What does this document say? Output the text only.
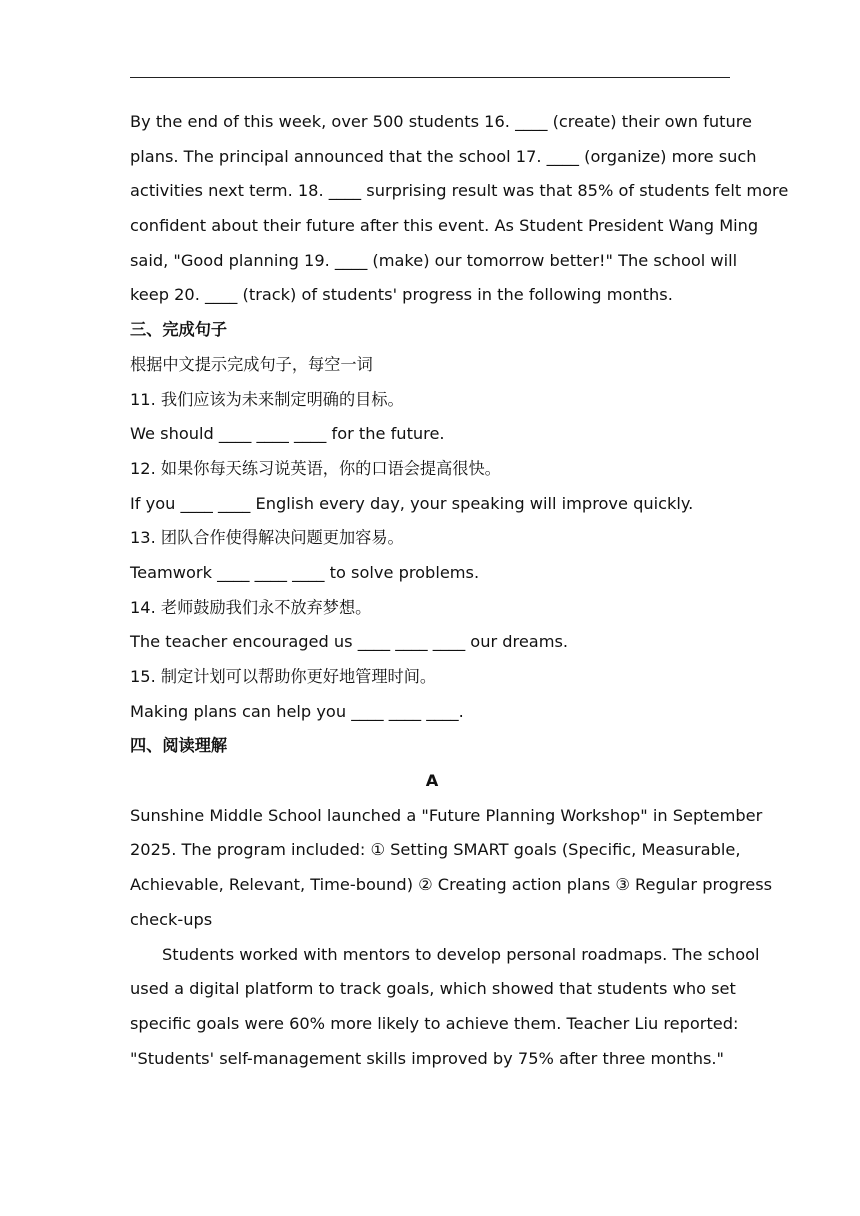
By the end of this week, over 500 students 16. ____ (create) their own future
plans. The principal announced that the school 17. ____ (organize) more such
activities next term. 18. ____ surprising result was that 85% of students felt more
confident about their future after this event. As Student President Wang Ming
said, "Good planning 19. ____ (make) our tomorrow better!" The school will
keep 20. ____ (track) of students' progress in the following months.
三、完成句子
根据中文提示完成句子，每空一词
11. 我们应该为未来制定明确的目标。
We should ____ ____ ____ for the future.
12. 如果你每天练习说英语，你的口语会提高很快。
If you ____ ____ English every day, your speaking will improve quickly.
13. 团队合作使得解决问题更加容易。
Teamwork ____ ____ ____ to solve problems.
14. 老师鼓励我们永不放弃梦想。
The teacher encouraged us ____ ____ ____ our dreams.
15. 制定计划可以帮助你更好地管理时间。
Making plans can help you ____ ____ ____.
四、阅读理解
A
Sunshine Middle School launched a "Future Planning Workshop" in September
2025. The program included: ① Setting SMART goals (Specific, Measurable,
Achievable, Relevant, Time-bound) ② Creating action plans ③ Regular progress
check-ups
Students worked with mentors to develop personal roadmaps. The school
used a digital platform to track goals, which showed that students who set
specific goals were 60% more likely to achieve them. Teacher Liu reported:
"Students' self-management skills improved by 75% after three months."
